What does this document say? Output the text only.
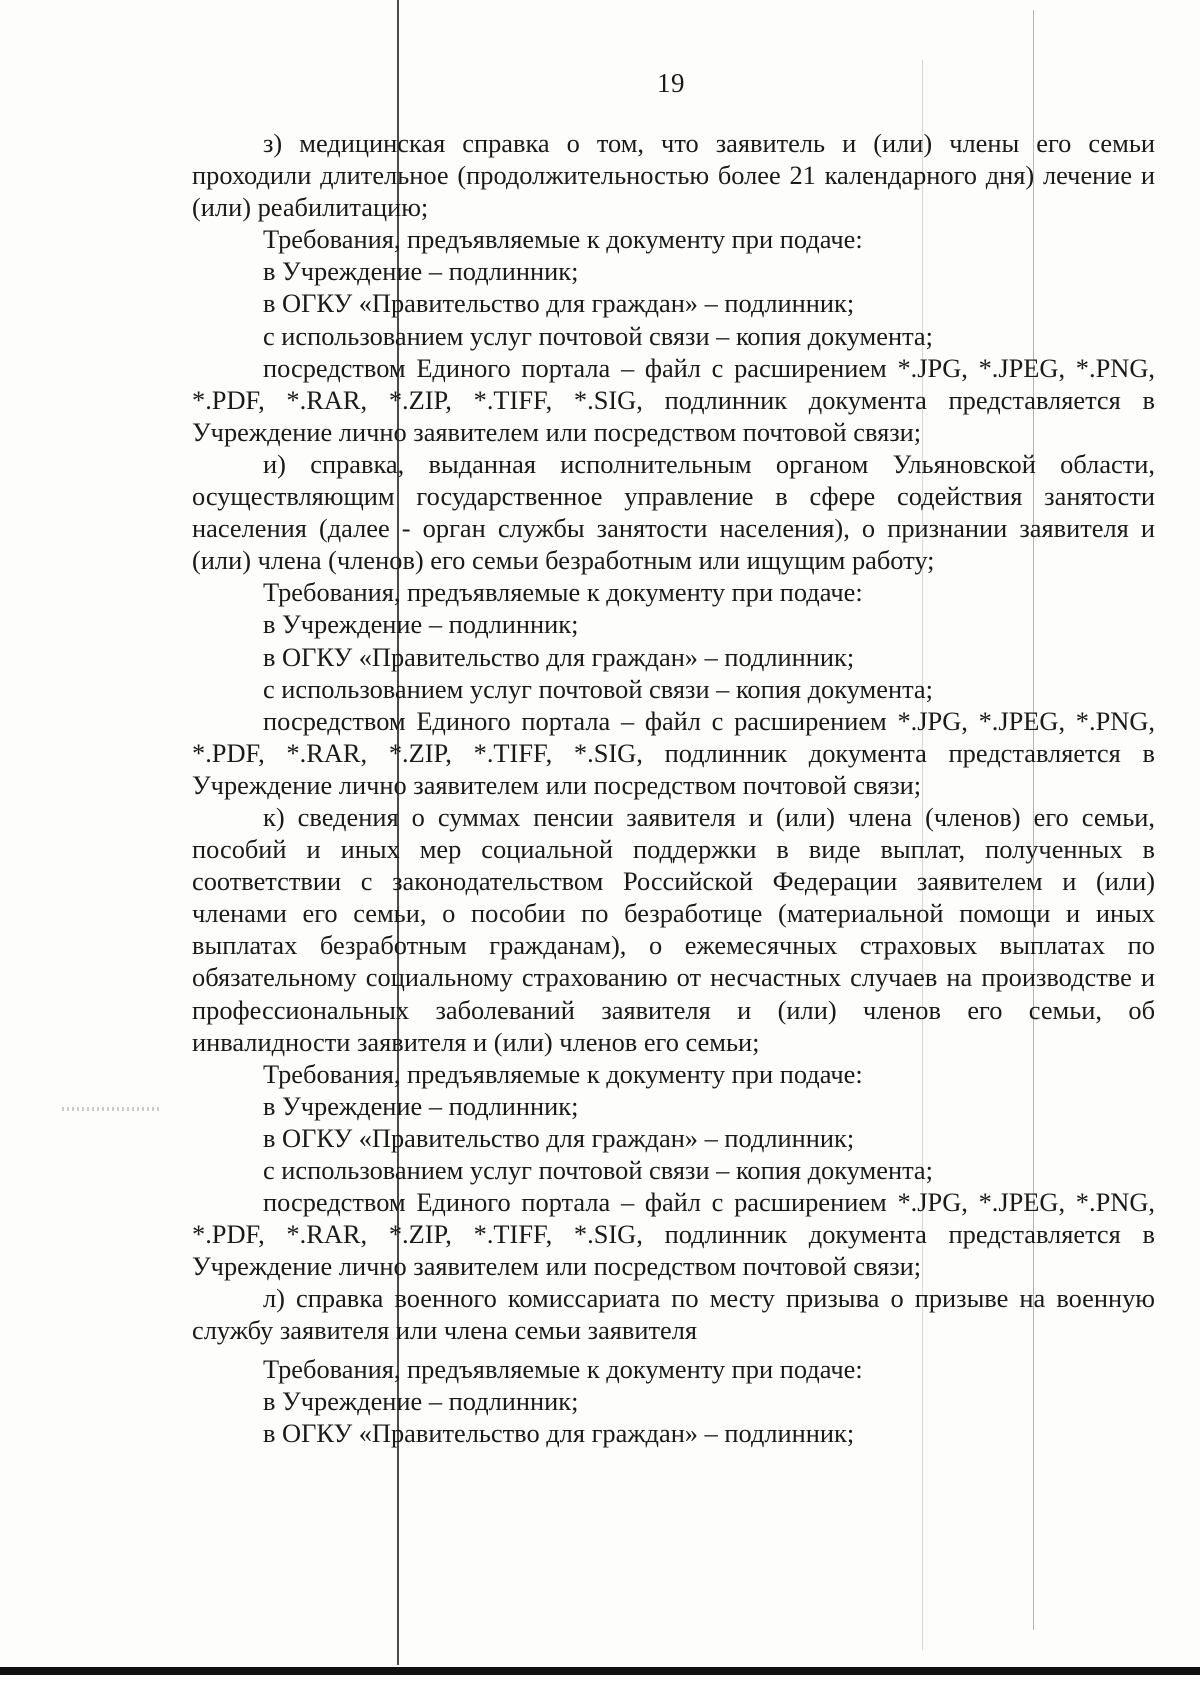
19

з) медицинская справка о том, что заявитель и (или) члены его семьи проходили длительное (продолжительностью более 21 календарного дня) лечение и (или) реабилитацию;

Требования, предъявляемые к документу при подаче:

в Учреждение – подлинник;

в ОГКУ «Правительство для граждан» – подлинник;

с использованием услуг почтовой связи – копия документа;

посредством Единого портала – файл с расширением *.JPG, *.JPEG, *.PNG, *.PDF, *.RAR, *.ZIP, *.TIFF, *.SIG, подлинник документа представляется в Учреждение лично заявителем или посредством почтовой связи;

и) справка, выданная исполнительным органом Ульяновской области, осуществляющим государственное управление в сфере содействия занятости населения (далее - орган службы занятости населения), о признании заявителя и (или) члена (членов) его семьи безработным или ищущим работу;

Требования, предъявляемые к документу при подаче:

в Учреждение – подлинник;

в ОГКУ «Правительство для граждан» – подлинник;

с использованием услуг почтовой связи – копия документа;

посредством Единого портала – файл с расширением *.JPG, *.JPEG, *.PNG, *.PDF, *.RAR, *.ZIP, *.TIFF, *.SIG, подлинник документа представляется в Учреждение лично заявителем или посредством почтовой связи;

к) сведения о суммах пенсии заявителя и (или) члена (членов) его семьи, пособий и иных мер социальной поддержки в виде выплат, полученных в соответствии с законодательством Российской Федерации заявителем и (или) членами его семьи, о пособии по безработице (материальной помощи и иных выплатах безработным гражданам), о ежемесячных страховых выплатах по обязательному социальному страхованию от несчастных случаев на производстве и профессиональных заболеваний заявителя и (или) членов его семьи, об инвалидности заявителя и (или) членов его семьи;

Требования, предъявляемые к документу при подаче:

в Учреждение – подлинник;

в ОГКУ «Правительство для граждан» – подлинник;

с использованием услуг почтовой связи – копия документа;

посредством Единого портала – файл с расширением *.JPG, *.JPEG, *.PNG, *.PDF, *.RAR, *.ZIP, *.TIFF, *.SIG, подлинник документа представляется в Учреждение лично заявителем или посредством почтовой связи;

л) справка военного комиссариата по месту призыва о призыве на военную службу заявителя или члена семьи заявителя

Требования, предъявляемые к документу при подаче:

в Учреждение – подлинник;

в ОГКУ «Правительство для граждан» – подлинник;
